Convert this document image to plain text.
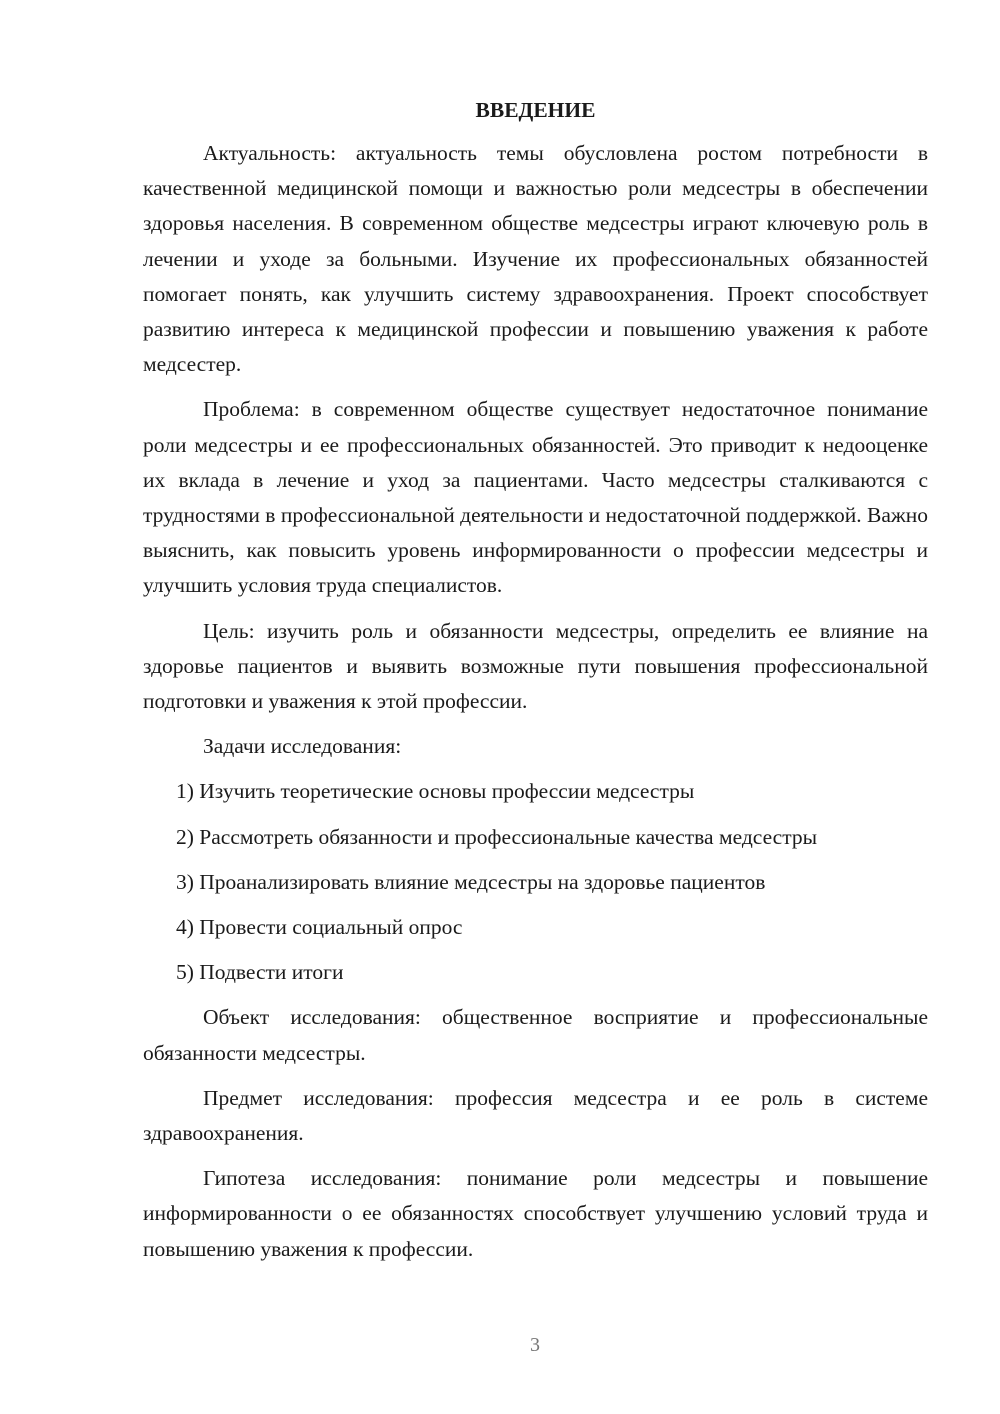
ВВЕДЕНИЕ

Актуальность: актуальность темы обусловлена ростом потребности в качественной медицинской помощи и важностью роли медсестры в обеспечении здоровья населения. В современном обществе медсестры играют ключевую роль в лечении и уходе за больными. Изучение их профессиональных обязанностей помогает понять, как улучшить систему здравоохранения. Проект способствует развитию интереса к медицинской профессии и повышению уважения к работе медсестер.

Проблема: в современном обществе существует недостаточное понимание роли медсестры и ее профессиональных обязанностей. Это приводит к недооценке их вклада в лечение и уход за пациентами. Часто медсестры сталкиваются с трудностями в профессиональной деятельности и недостаточной поддержкой. Важно выяснить, как повысить уровень информированности о профессии медсестры и улучшить условия труда специалистов.

Цель: изучить роль и обязанности медсестры, определить ее влияние на здоровье пациентов и выявить возможные пути повышения профессиональной подготовки и уважения к этой профессии.

Задачи исследования:

1) Изучить теоретические основы профессии медсестры
2) Рассмотреть обязанности и профессиональные качества медсестры
3) Проанализировать влияние медсестры на здоровье пациентов
4) Провести социальный опрос
5) Подвести итоги

Объект исследования: общественное восприятие и профессиональные обязанности медсестры.

Предмет исследования: профессия медсестра и ее роль в системе здравоохранения.

Гипотеза исследования: понимание роли медсестры и повышение информированности о ее обязанностях способствует улучшению условий труда и повышению уважения к профессии.

3
